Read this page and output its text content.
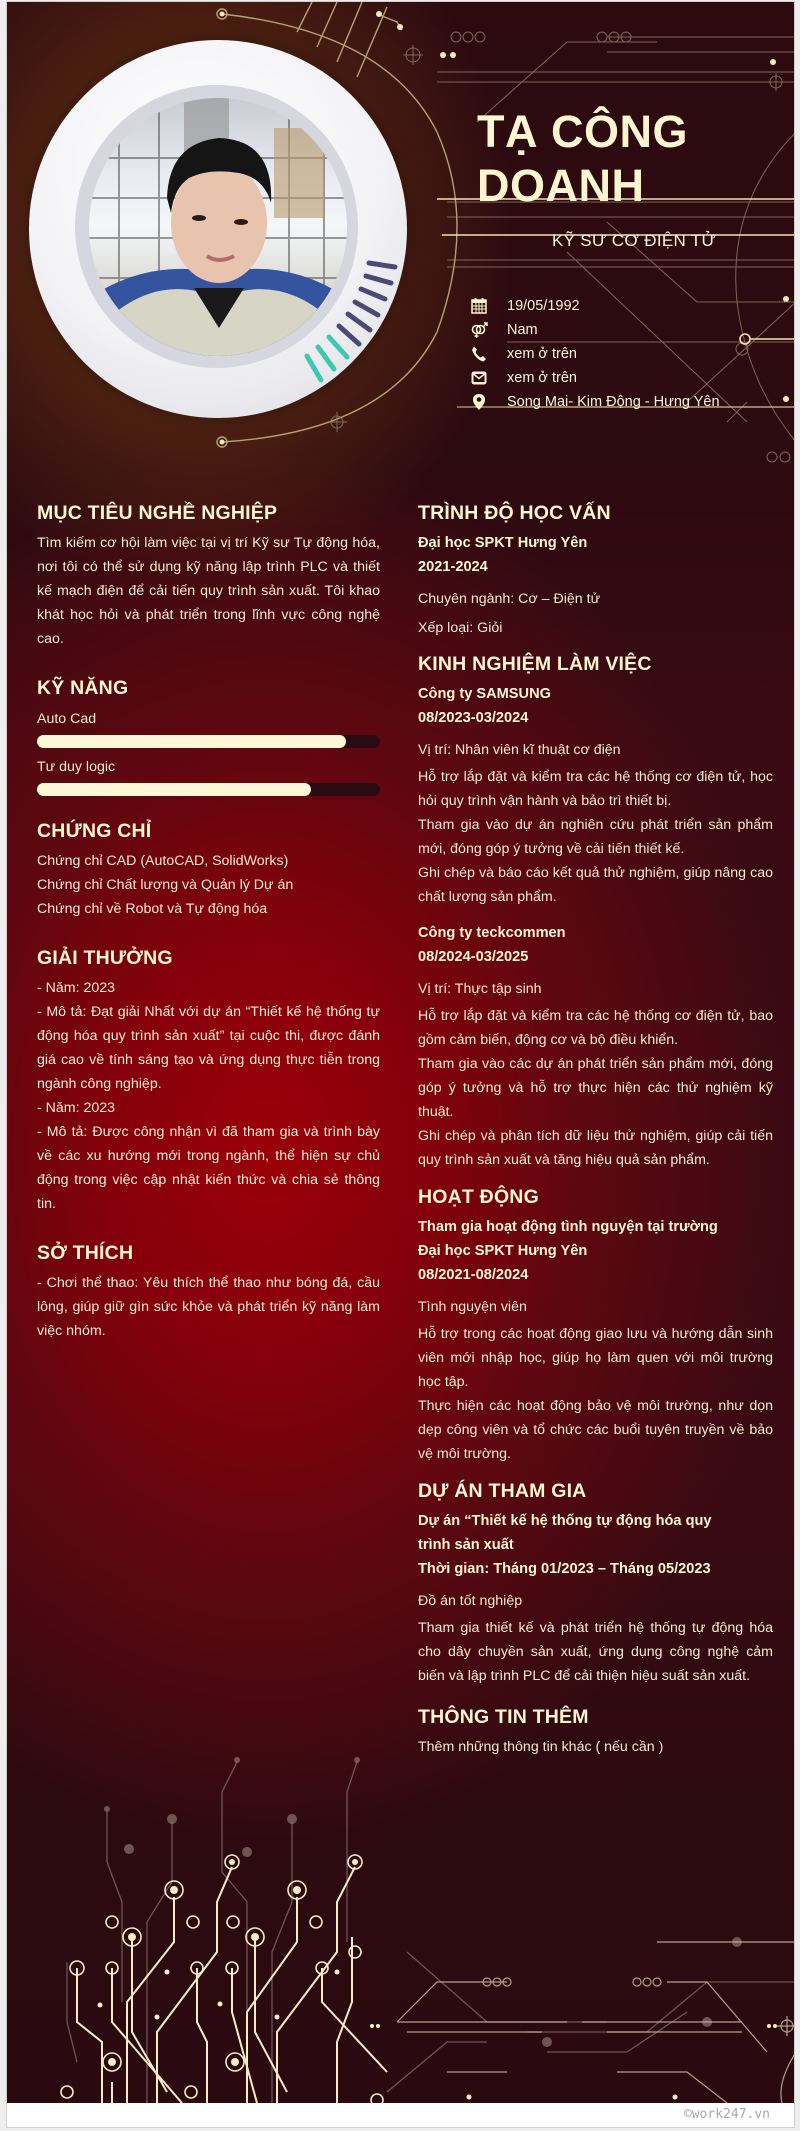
TẠ CÔNG
DOANH
KỸ SƯ CƠ ĐIỆN TỬ
19/05/1992
Nam
xem ở trên
xem ở trên
Song Mai- Kim Động - Hưng Yên
MỤC TIÊU NGHỀ NGHIỆP
Tìm kiếm cơ hội làm việc tại vị trí Kỹ sư Tự động hóa, nơi tôi có thể sử dụng kỹ năng lập trình PLC và thiết kế mạch điện để cải tiến quy trình sản xuất. Tôi khao khát học hỏi và phát triển trong lĩnh vực công nghệ cao.
KỸ NĂNG
Auto Cad
Tư duy logic
CHỨNG CHỈ
Chứng chỉ CAD (AutoCAD, SolidWorks)
Chứng chỉ Chất lượng và Quản lý Dự án
Chứng chỉ về Robot và Tự động hóa
GIẢI THƯỞNG
- Năm: 2023
- Mô tả: Đạt giải Nhất với dự án “Thiết kế hệ thống tự động hóa quy trình sản xuất” tại cuộc thi, được đánh giá cao về tính sáng tạo và ứng dụng thực tiễn trong ngành công nghiệp.
- Năm: 2023
- Mô tả: Được công nhận vì đã tham gia và trình bày về các xu hướng mới trong ngành, thể hiện sự chủ động trong việc cập nhật kiến thức và chia sẻ thông tin.
SỞ THÍCH
- Chơi thể thao: Yêu thích thể thao như bóng đá, cầu lông, giúp giữ gìn sức khỏe và phát triển kỹ năng làm việc nhóm.
TRÌNH ĐỘ HỌC VẤN
Đại học SPKT Hưng Yên
2021-2024
Chuyên ngành: Cơ – Điện tử
Xếp loại: Giỏi
KINH NGHIỆM LÀM VIỆC
Công ty SAMSUNG
08/2023-03/2024
Vị trí: Nhân viên kĩ thuật cơ điện
Hỗ trợ lắp đặt và kiểm tra các hệ thống cơ điện tử, học hỏi quy trình vận hành và bảo trì thiết bị.
Tham gia vào dự án nghiên cứu phát triển sản phẩm mới, đóng góp ý tưởng về cải tiến thiết kế.
Ghi chép và báo cáo kết quả thử nghiệm, giúp nâng cao chất lượng sản phẩm.
Công ty teckcommen
08/2024-03/2025
Vị trí: Thực tập sinh
Hỗ trợ lắp đặt và kiểm tra các hệ thống cơ điện tử, bao gồm cảm biến, động cơ và bộ điều khiển.
Tham gia vào các dự án phát triển sản phẩm mới, đóng góp ý tưởng và hỗ trợ thực hiện các thử nghiệm kỹ thuật.
Ghi chép và phân tích dữ liệu thử nghiệm, giúp cải tiến quy trình sản xuất và tăng hiệu quả sản phẩm.
HOẠT ĐỘNG
Tham gia hoạt động tình nguyện tại trường
Đại học SPKT Hưng Yên
08/2021-08/2024
Tình nguyện viên
Hỗ trợ trong các hoạt động giao lưu và hướng dẫn sinh viên mới nhập học, giúp họ làm quen với môi trường học tập.
Thực hiện các hoạt động bảo vệ môi trường, như dọn dẹp công viên và tổ chức các buổi tuyên truyền về bảo vệ môi trường.
DỰ ÁN THAM GIA
Dự án “Thiết kế hệ thống tự động hóa quy
trình sản xuất
Thời gian: Tháng 01/2023 – Tháng 05/2023
Đồ án tốt nghiệp
Tham gia thiết kế và phát triển hệ thống tự động hóa cho dây chuyền sản xuất, ứng dụng công nghệ cảm biến và lập trình PLC để cải thiện hiệu suất sản xuất.
THÔNG TIN THÊM
Thêm những thông tin khác ( nếu cần )
©work247.vn
